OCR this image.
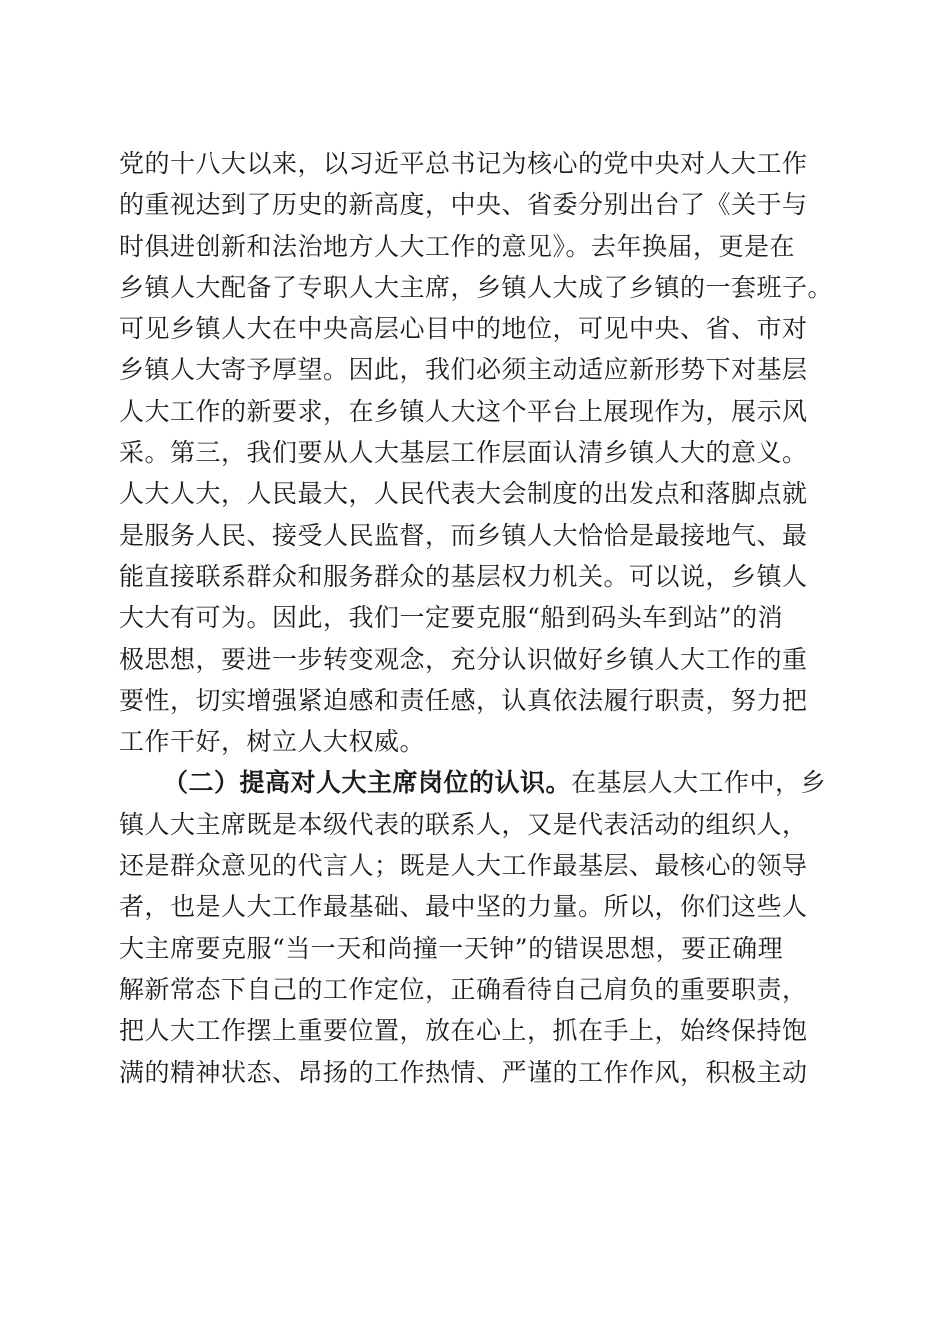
党的十八大以来，以习近平总书记为核心的党中央对人大工作
的重视达到了历史的新高度，中央、省委分别出台了《关于与
时俱进创新和法治地方人大工作的意见》。去年换届，更是在
乡镇人大配备了专职人大主席，乡镇人大成了乡镇的一套班子。
可见乡镇人大在中央高层心目中的地位，可见中央、省、市对
乡镇人大寄予厚望。因此，我们必须主动适应新形势下对基层
人大工作的新要求，在乡镇人大这个平台上展现作为，展示风
采。第三，我们要从人大基层工作层面认清乡镇人大的意义。
人大人大，人民最大，人民代表大会制度的出发点和落脚点就
是服务人民、接受人民监督，而乡镇人大恰恰是最接地气、最
能直接联系群众和服务群众的基层权力机关。可以说，乡镇人
大大有可为。因此，我们一定要克服“船到码头车到站”的消
极思想，要进一步转变观念，充分认识做好乡镇人大工作的重
要性，切实增强紧迫感和责任感，认真依法履行职责，努力把
工作干好，树立人大权威。
（二）提高对人大主席岗位的认识。在基层人大工作中，乡
镇人大主席既是本级代表的联系人，又是代表活动的组织人，
还是群众意见的代言人；既是人大工作最基层、最核心的领导
者，也是人大工作最基础、最中坚的力量。所以，你们这些人
大主席要克服“当一天和尚撞一天钟”的错误思想，要正确理
解新常态下自己的工作定位，正确看待自己肩负的重要职责，
把人大工作摆上重要位置，放在心上，抓在手上，始终保持饱
满的精神状态、昂扬的工作热情、严谨的工作作风，积极主动
